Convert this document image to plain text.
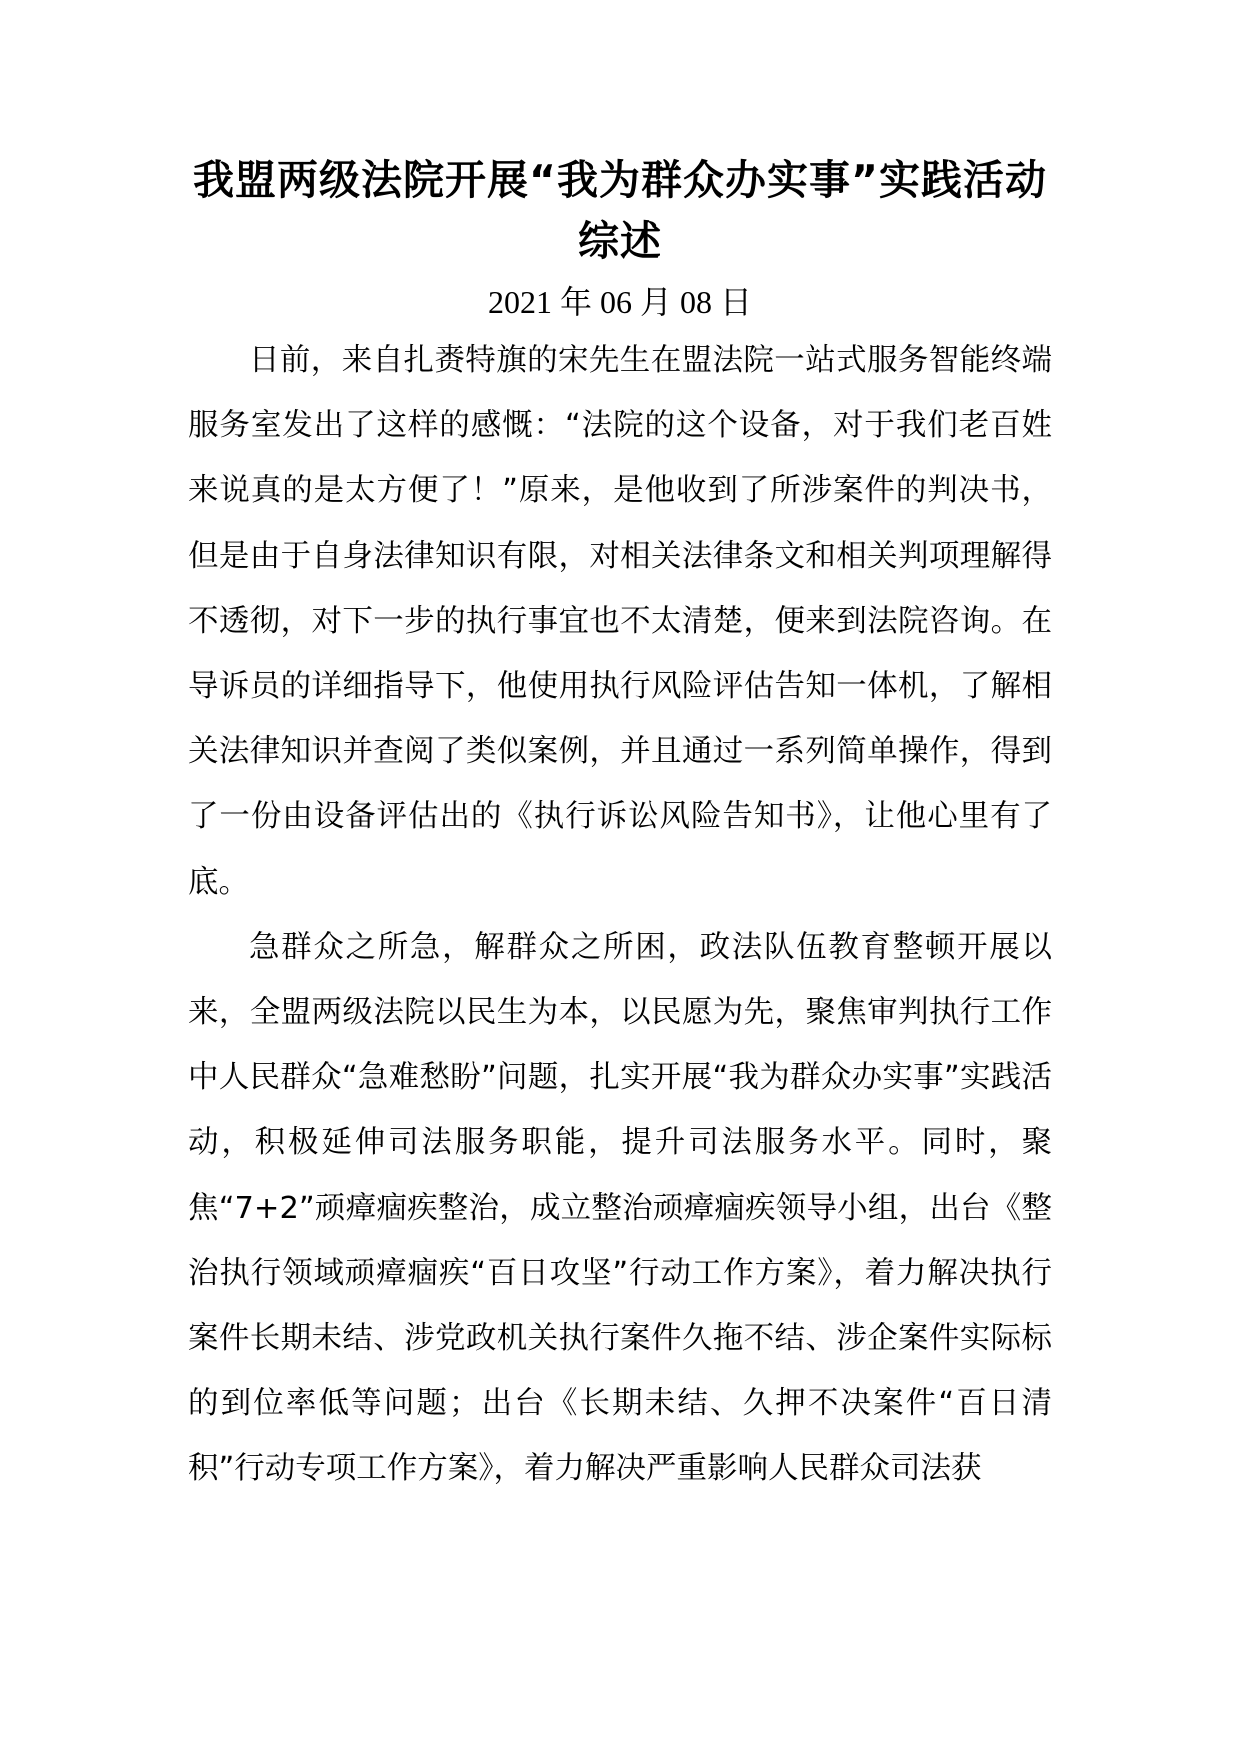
我盟两级法院开展“我为群众办实事”实践活动综述
2021 年 06 月 08 日

日前，来自扎赉特旗的宋先生在盟法院一站式服务智能终端服务室发出了这样的感慨：“法院的这个设备，对于我们老百姓来说真的是太方便了！”原来，是他收到了所涉案件的判决书，但是由于自身法律知识有限，对相关法律条文和相关判项理解得不透彻，对下一步的执行事宜也不太清楚，便来到法院咨询。在导诉员的详细指导下，他使用执行风险评估告知一体机，了解相关法律知识并查阅了类似案例，并且通过一系列简单操作，得到了一份由设备评估出的《执行诉讼风险告知书》，让他心里有了底。

急群众之所急，解群众之所困，政法队伍教育整顿开展以来，全盟两级法院以民生为本，以民愿为先，聚焦审判执行工作中人民群众“急难愁盼”问题，扎实开展“我为群众办实事”实践活动，积极延伸司法服务职能，提升司法服务水平。同时，聚焦“7+2”顽瘴痼疾整治，成立整治顽瘴痼疾领导小组，出台《整治执行领域顽瘴痼疾“百日攻坚”行动工作方案》，着力解决执行案件长期未结、涉党政机关执行案件久拖不结、涉企案件实际标的到位率低等问题；出台《长期未结、久押不决案件“百日清积”行动专项工作方案》，着力解决严重影响人民群众司法获
